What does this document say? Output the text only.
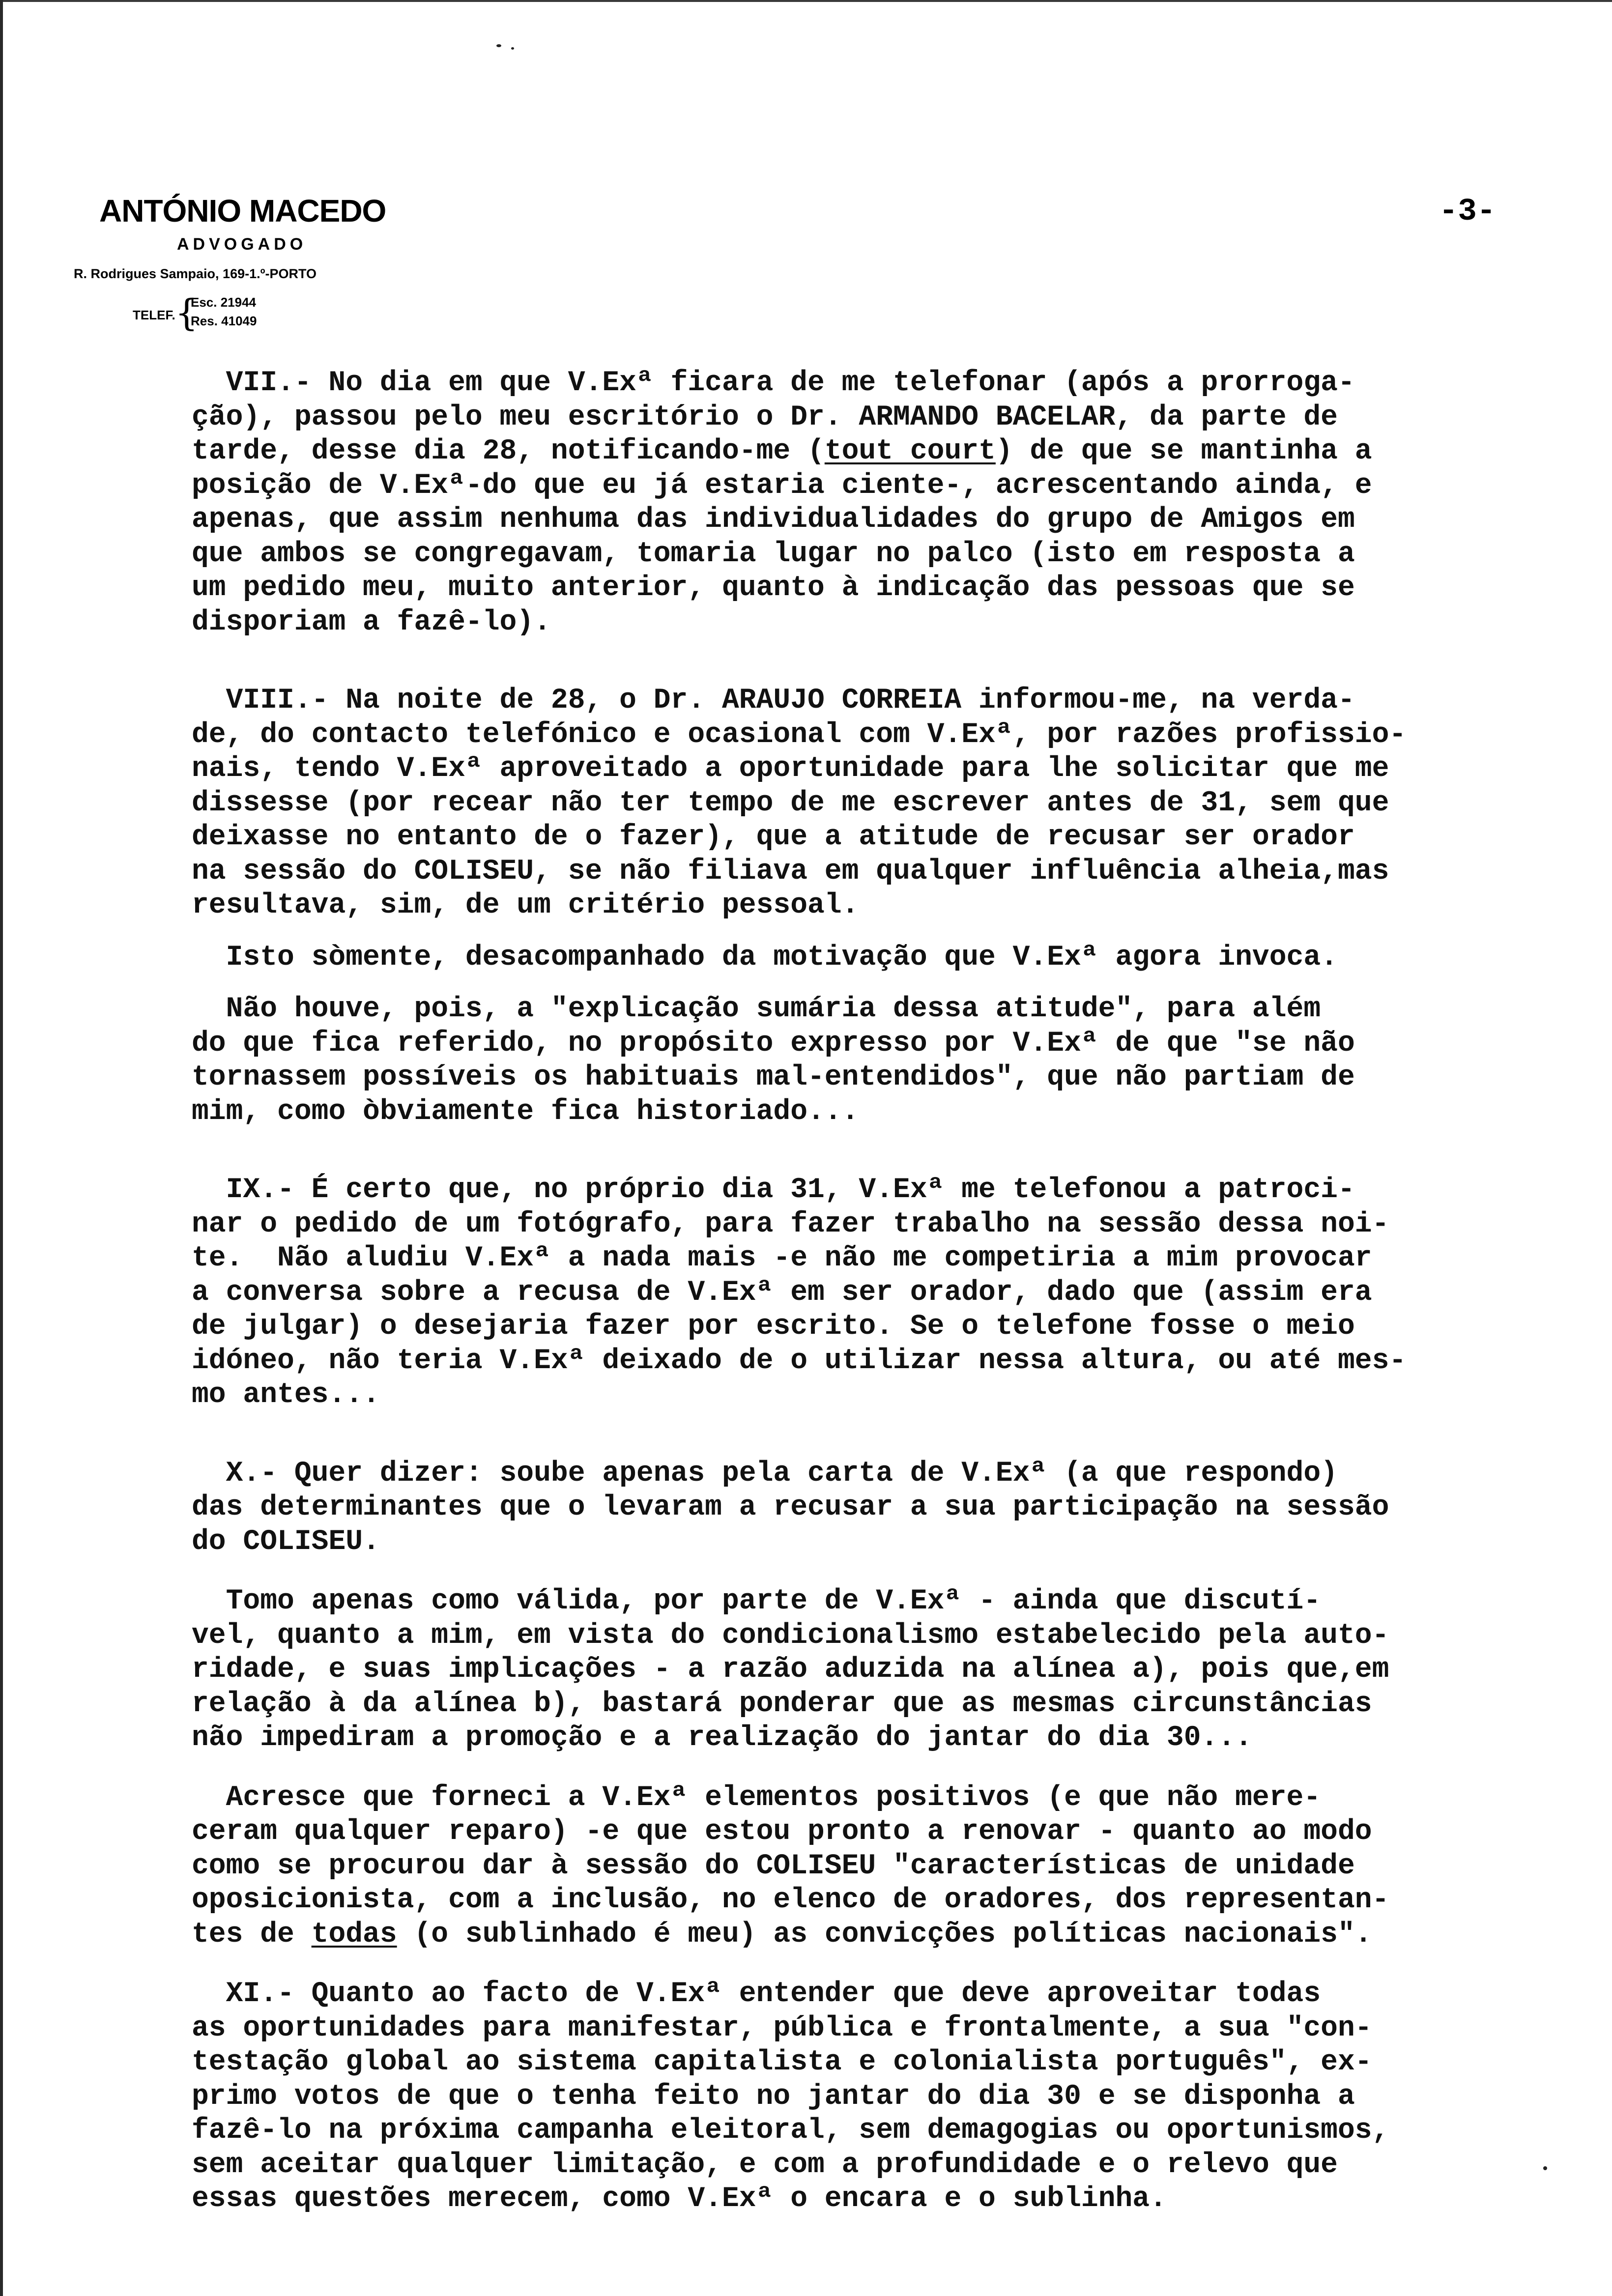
ANTÓNIO MACEDO
ADVOGADO
R. Rodrigues Sampaio, 169-1.º-PORTO
TELEF. {
Esc. 21944
Res. 41049
-3-
VII.- No dia em que V.Exª ficara de me telefonar (após a prorroga-
ção), passou pelo meu escritório o Dr. ARMANDO BACELAR, da parte de
tarde, desse dia 28, notificando-me (tout court) de que se mantinha a
posição de V.Exª-do que eu já estaria ciente-, acrescentando ainda, e
apenas, que assim nenhuma das individualidades do grupo de Amigos em
que ambos se congregavam, tomaria lugar no palco (isto em resposta a
um pedido meu, muito anterior, quanto à indicação das pessoas que se
disporiam a fazê-lo).
VIII.- Na noite de 28, o Dr. ARAUJO CORREIA informou-me, na verda-
de, do contacto telefónico e ocasional com V.Exª, por razões profissio-
nais, tendo V.Exª aproveitado a oportunidade para lhe solicitar que me
dissesse (por recear não ter tempo de me escrever antes de 31, sem que
deixasse no entanto de o fazer), que a atitude de recusar ser orador
na sessão do COLISEU, se não filiava em qualquer influência alheia,mas
resultava, sim, de um critério pessoal.
Isto sòmente, desacompanhado da motivação que V.Exª agora invoca.
Não houve, pois, a "explicação sumária dessa atitude", para além
do que fica referido, no propósito expresso por V.Exª de que "se não
tornassem possíveis os habituais mal-entendidos", que não partiam de
mim, como òbviamente fica historiado...
IX.- É certo que, no próprio dia 31, V.Exª me telefonou a patroci-
nar o pedido de um fotógrafo, para fazer trabalho na sessão dessa noi-
te.  Não aludiu V.Exª a nada mais -e não me competiria a mim provocar
a conversa sobre a recusa de V.Exª em ser orador, dado que (assim era
de julgar) o desejaria fazer por escrito. Se o telefone fosse o meio
idóneo, não teria V.Exª deixado de o utilizar nessa altura, ou até mes-
mo antes...
X.- Quer dizer: soube apenas pela carta de V.Exª (a que respondo)
das determinantes que o levaram a recusar a sua participação na sessão
do COLISEU.
Tomo apenas como válida, por parte de V.Exª - ainda que discutí-
vel, quanto a mim, em vista do condicionalismo estabelecido pela auto-
ridade, e suas implicações - a razão aduzida na alínea a), pois que,em
relação à da alínea b), bastará ponderar que as mesmas circunstâncias
não impediram a promoção e a realização do jantar do dia 30...
Acresce que forneci a V.Exª elementos positivos (e que não mere-
ceram qualquer reparo) -e que estou pronto a renovar - quanto ao modo
como se procurou dar à sessão do COLISEU "características de unidade
oposicionista, com a inclusão, no elenco de oradores, dos representan-
tes de todas (o sublinhado é meu) as convicções políticas nacionais".
XI.- Quanto ao facto de V.Exª entender que deve aproveitar todas
as oportunidades para manifestar, pública e frontalmente, a sua "con-
testação global ao sistema capitalista e colonialista português", ex-
primo votos de que o tenha feito no jantar do dia 30 e se disponha a
fazê-lo na próxima campanha eleitoral, sem demagogias ou oportunismos,
sem aceitar qualquer limitação, e com a profundidade e o relevo que
essas questões merecem, como V.Exª o encara e o sublinha.
